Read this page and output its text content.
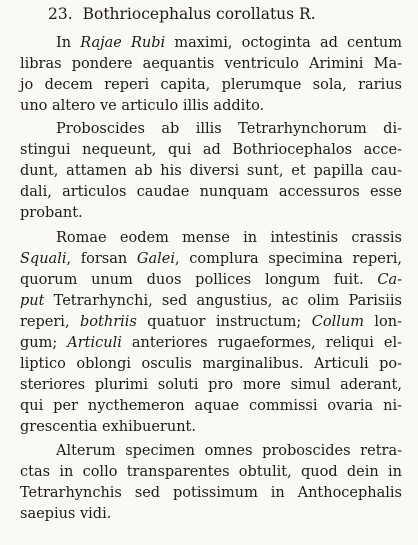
23. Bothriocephalus corollatus R.
In Rajae Rubi maximi, octoginta ad centum
libras pondere aequantis ventriculo Arimini Ma-
jo decem reperi capita, plerumque sola, rarius
uno altero ve articulo illis addito.
Proboscides ab illis Tetrarhynchorum di-
stingui nequeunt, qui ad Bothriocephalos acce-
dunt, attamen ab his diversi sunt, et papilla cau-
dali, articulos caudae nunquam accessuros esse
probant.
Romae eodem mense in intestinis crassis
Squali, forsan Galei, complura specimina reperi,
quorum unum duos pollices longum fuit. Ca-
put Tetrarhynchi, sed angustius, ac olim Parisiis
reperi, bothriis quatuor instructum; Collum lon-
gum; Articuli anteriores rugaeformes, reliqui el-
liptico oblongi osculis marginalibus. Articuli po-
steriores plurimi soluti pro more simul aderant,
qui per nycthemeron aquae commissi ovaria ni-
grescentia exhibuerunt.
Alterum specimen omnes proboscides retra-
ctas in collo transparentes obtulit, quod dein in
Tetrarhynchis sed potissimum in Anthocephalis
saepius vidi.
